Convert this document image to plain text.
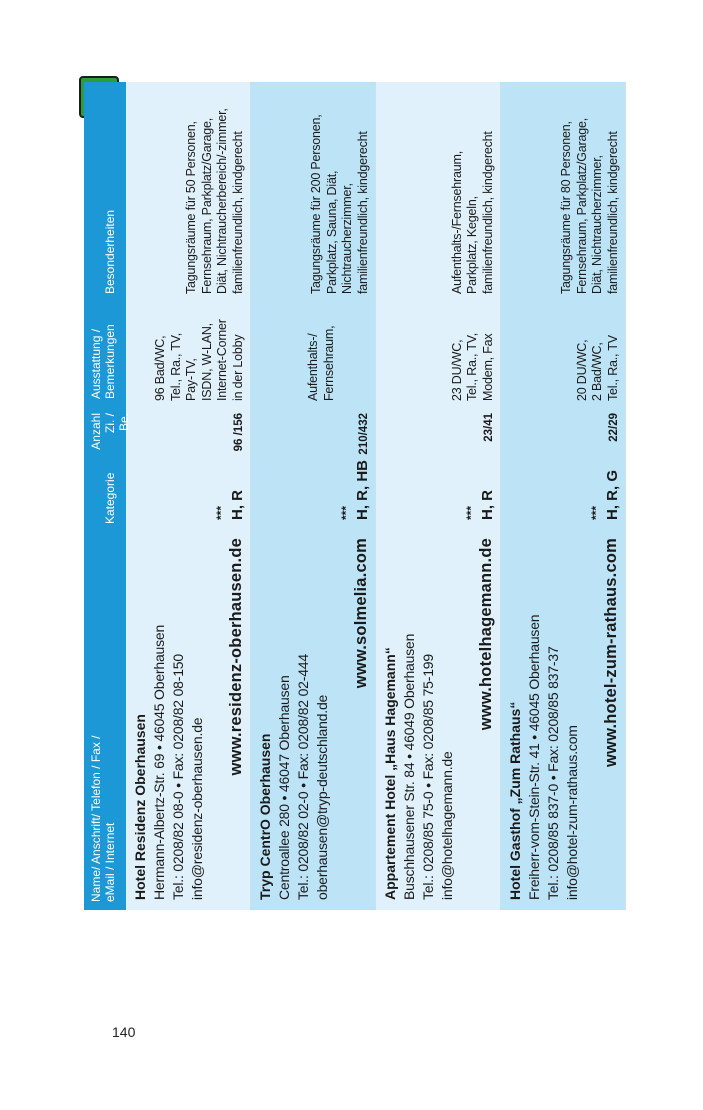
140
Name/ Anschrift/ Telefon / Fax / eMail / Internet
Kategorie
Anzahl Zi. / Be.
Ausstattung / Bemerkungen
Besonderheiten
Hotel Residenz Oberhausen Hermann-Albertz-Str. 69 • 46045 Oberhausen Tel.: 0208/82 08-0 • Fax: 0208/82 08-150 info@residenz-oberhausen.de
www.residenz-oberhausen.de
*** H, R
96 /156
96 Bad/WC, Tel., Ra., TV, Pay-TV, ISDN, W-LAN, Internet-Corner in der Lobby
Tagungsräume für 50 Personen, Fernsehraum, Parkplatz/Garage, Diät, Nichtraucherbereich/-zimmer, familienfreundlich, kindgerecht
Tryp CentrO Oberhausen Centroallee 280 • 46047 Oberhausen Tel.: 0208/82 02-0 • Fax: 0208/82 02-444 oberhausen@tryp-deutschland.de
www.solmelia.com
*** H, R, HB
210/432
Aufenthalts-/ Fernsehraum,
Tagungsräume für 200 Personen, Parkplatz, Sauna, Diät, Nichtraucherzimmer, familienfreundlich, kindgerecht
Appartement Hotel „Haus Hagemann“ Buschhausener Str. 84 • 46049 Oberhausen Tel.: 0208/85 75-0 • Fax: 0208/85 75-199 info@hotelhagemann.de
www.hotelhagemann.de
*** H, R
23/41
23 DU/WC, Tel., Ra., TV, Modem, Fax
Aufenthalts-/Fernsehraum, Parkplatz, Kegeln, familienfreundlich, kindgerecht
Hotel Gasthof „Zum Rathaus“ Freiherr-vom-Stein-Str. 41 • 46045 Oberhausen Tel.: 0208/85 837-0 • Fax: 0208/85 837-37 info@hotel-zum-rathaus.com
www.hotel-zum-rathaus.com
*** H, R, G
22/29
20 DU/WC, 2 Bad/WC, Tel., Ra., TV
Tagungsräume für 80 Personen, Fernsehraum, Parkplatz/Garage, Diät, Nichtraucherzimmer, familienfreundlich, kindgerecht
